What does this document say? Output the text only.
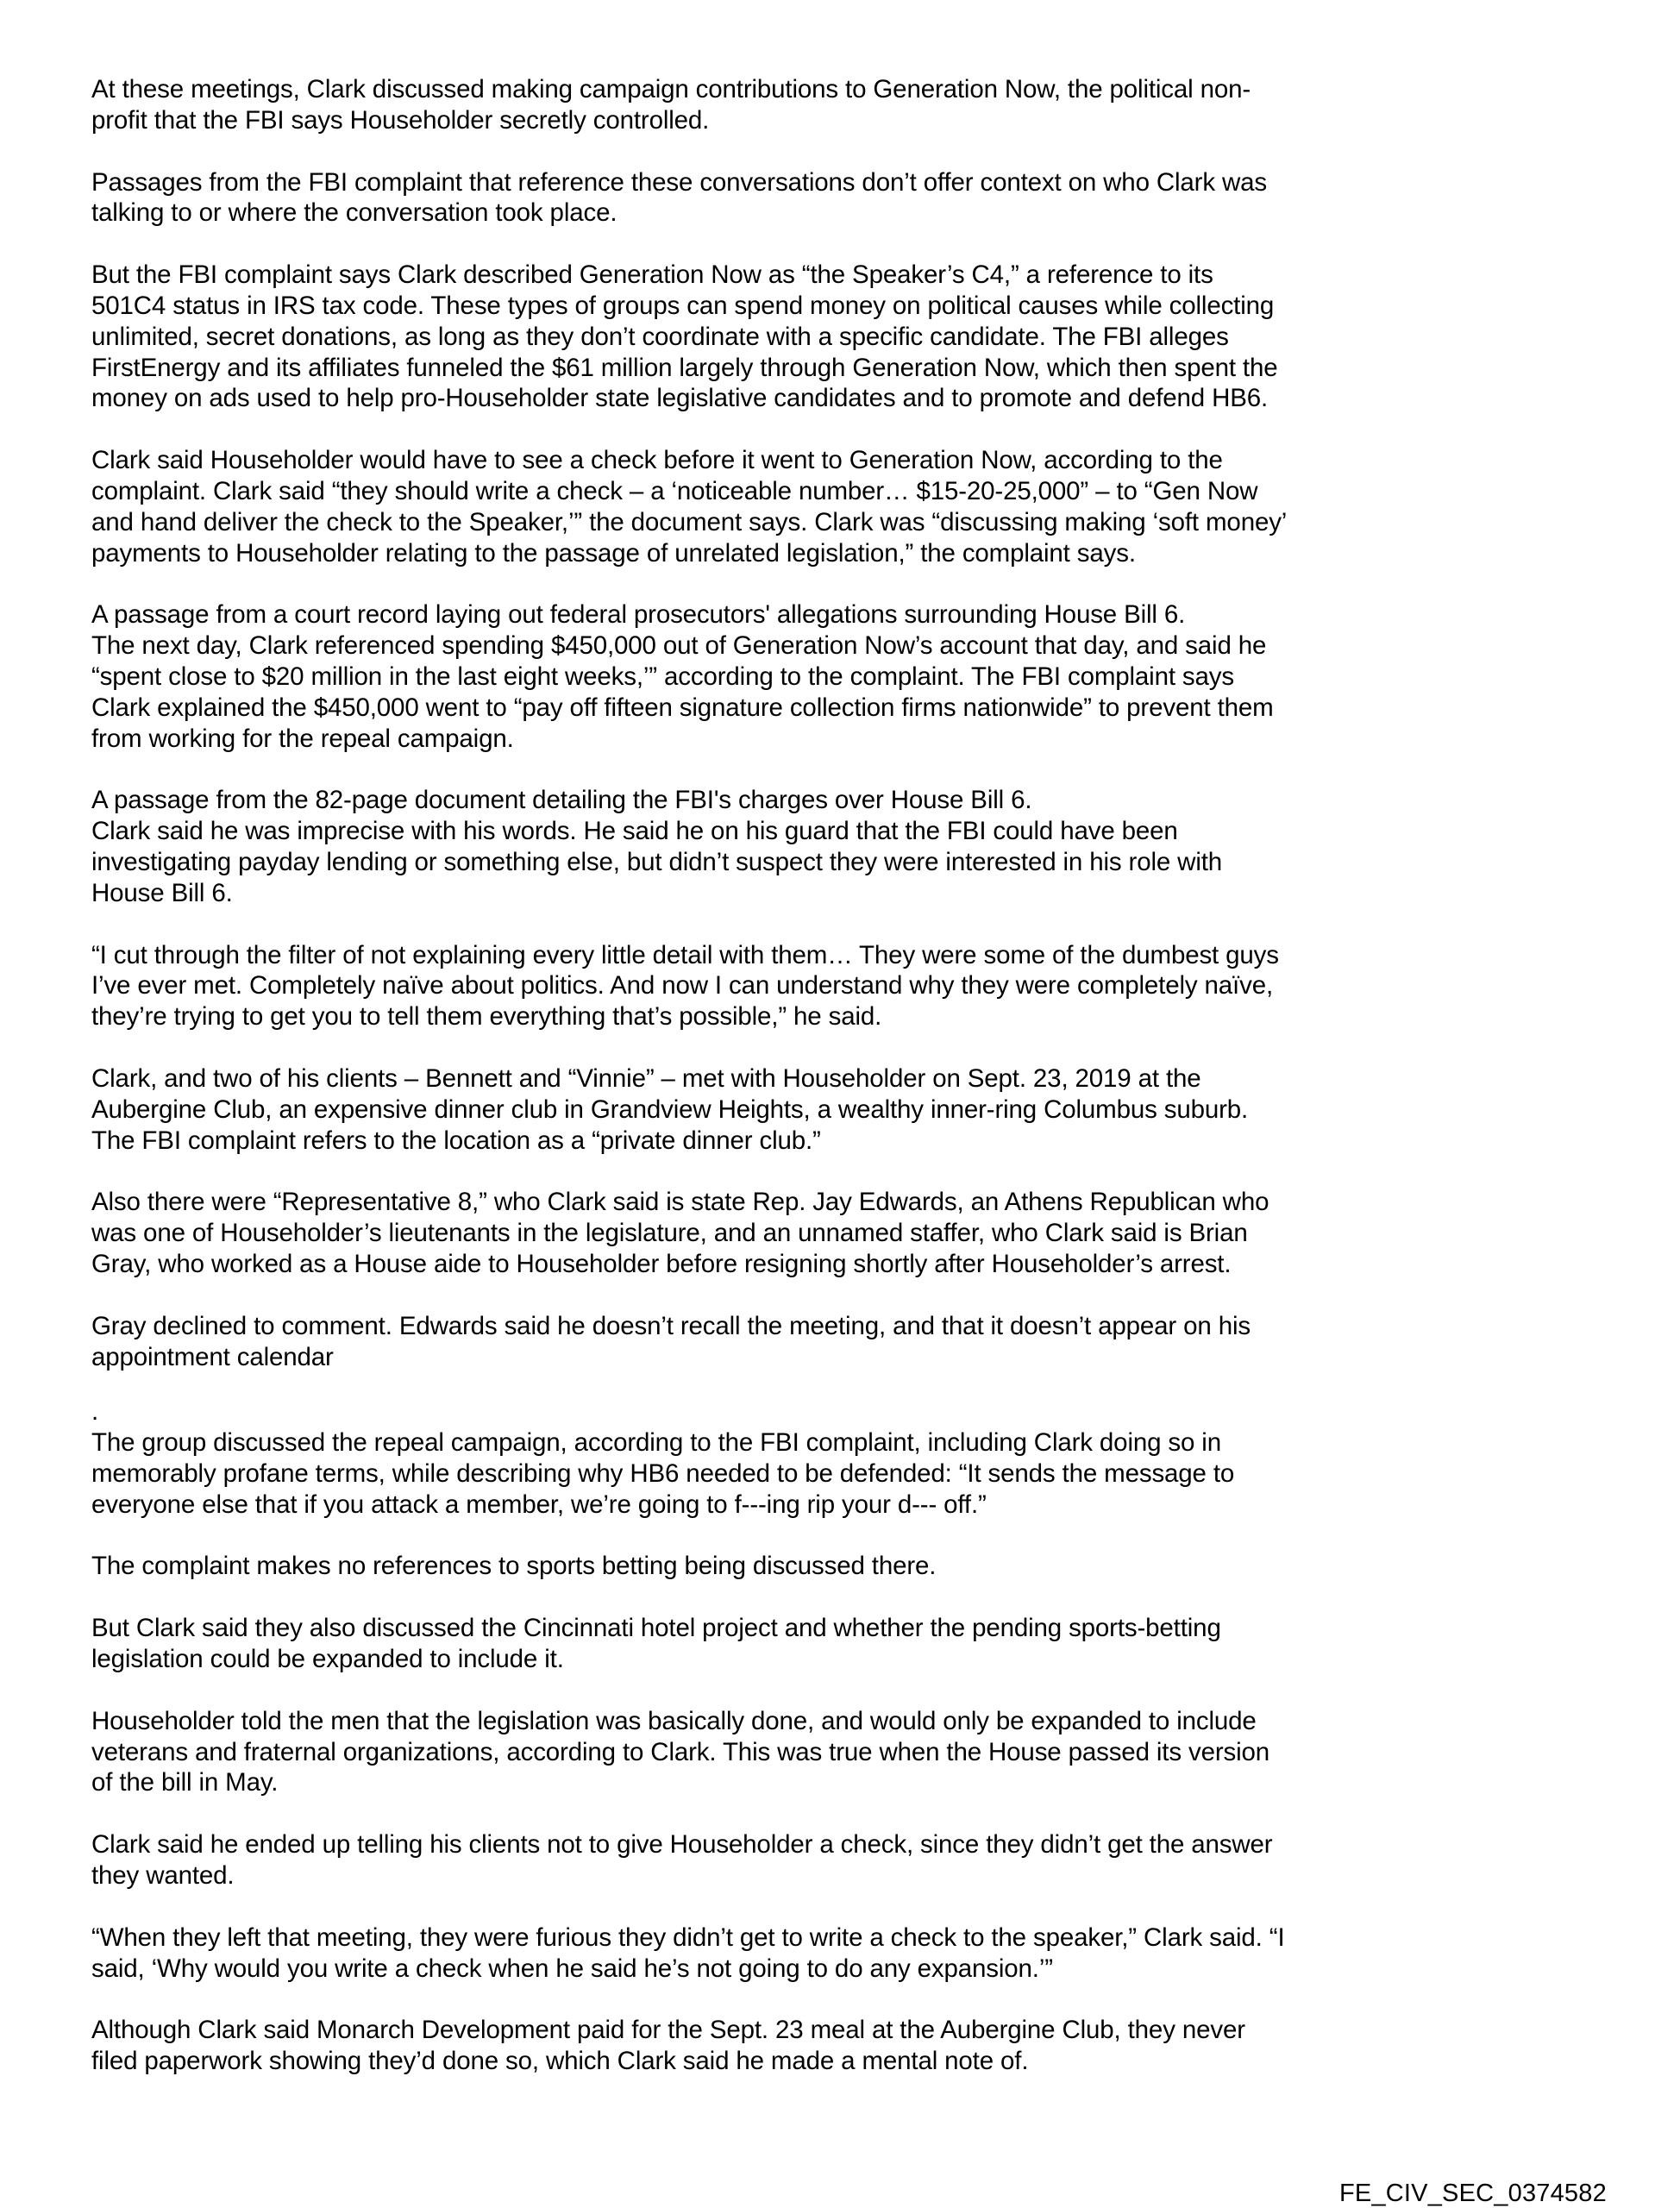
At these meetings, Clark discussed making campaign contributions to Generation Now, the political non-
profit that the FBI says Householder secretly controlled.

Passages from the FBI complaint that reference these conversations don’t offer context on who Clark was
talking to or where the conversation took place.

But the FBI complaint says Clark described Generation Now as “the Speaker’s C4,” a reference to its
501C4 status in IRS tax code. These types of groups can spend money on political causes while collecting
unlimited, secret donations, as long as they don’t coordinate with a specific candidate. The FBI alleges
FirstEnergy and its affiliates funneled the $61 million largely through Generation Now, which then spent the
money on ads used to help pro-Householder state legislative candidates and to promote and defend HB6.

Clark said Householder would have to see a check before it went to Generation Now, according to the
complaint. Clark said “they should write a check – a ‘noticeable number… $15-20-25,000” – to “Gen Now
and hand deliver the check to the Speaker,’” the document says. Clark was “discussing making ‘soft money’
payments to Householder relating to the passage of unrelated legislation,” the complaint says.

A passage from a court record laying out federal prosecutors' allegations surrounding House Bill 6.
The next day, Clark referenced spending $450,000 out of Generation Now’s account that day, and said he
“spent close to $20 million in the last eight weeks,’” according to the complaint. The FBI complaint says
Clark explained the $450,000 went to “pay off fifteen signature collection firms nationwide” to prevent them
from working for the repeal campaign.

A passage from the 82-page document detailing the FBI's charges over House Bill 6.
Clark said he was imprecise with his words. He said he on his guard that the FBI could have been
investigating payday lending or something else, but didn’t suspect they were interested in his role with
House Bill 6.

“I cut through the filter of not explaining every little detail with them… They were some of the dumbest guys
I’ve ever met. Completely naïve about politics. And now I can understand why they were completely naïve,
they’re trying to get you to tell them everything that’s possible,” he said.

Clark, and two of his clients – Bennett and “Vinnie” – met with Householder on Sept. 23, 2019 at the
Aubergine Club, an expensive dinner club in Grandview Heights, a wealthy inner-ring Columbus suburb.
The FBI complaint refers to the location as a “private dinner club.”

Also there were “Representative 8,” who Clark said is state Rep. Jay Edwards, an Athens Republican who
was one of Householder’s lieutenants in the legislature, and an unnamed staffer, who Clark said is Brian
Gray, who worked as a House aide to Householder before resigning shortly after Householder’s arrest.

Gray declined to comment. Edwards said he doesn’t recall the meeting, and that it doesn’t appear on his
appointment calendar

.
The group discussed the repeal campaign, according to the FBI complaint, including Clark doing so in
memorably profane terms, while describing why HB6 needed to be defended: “It sends the message to
everyone else that if you attack a member, we’re going to f---ing rip your d--- off.”

The complaint makes no references to sports betting being discussed there.

But Clark said they also discussed the Cincinnati hotel project and whether the pending sports-betting
legislation could be expanded to include it.

Householder told the men that the legislation was basically done, and would only be expanded to include
veterans and fraternal organizations, according to Clark. This was true when the House passed its version
of the bill in May.

Clark said he ended up telling his clients not to give Householder a check, since they didn’t get the answer
they wanted.

“When they left that meeting, they were furious they didn’t get to write a check to the speaker,” Clark said. “I
said, ‘Why would you write a check when he said he’s not going to do any expansion.’”

Although Clark said Monarch Development paid for the Sept. 23 meal at the Aubergine Club, they never
filed paperwork showing they’d done so, which Clark said he made a mental note of.

FE_CIV_SEC_0374582
